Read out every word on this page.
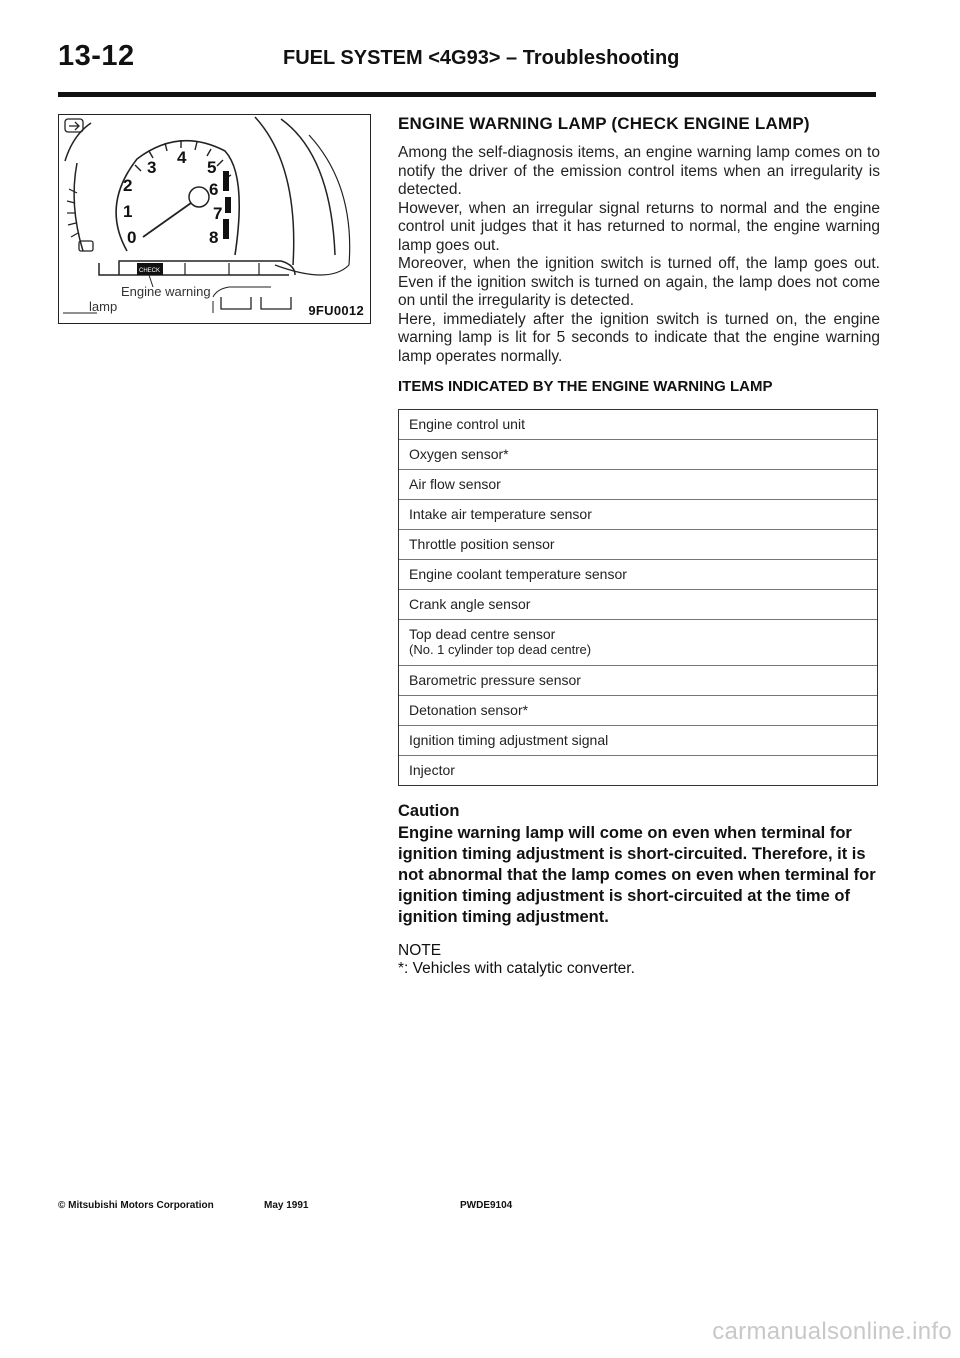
13-12	FUEL SYSTEM <4G93> – Troubleshooting
3
4
5
2	6
1	7
0	8
CHECK
Engine warning
lamp	9FU0012
ENGINE WARNING LAMP (CHECK ENGINE LAMP)

Among the self-diagnosis items, an engine warning lamp comes on to notify the driver of the emission control items when an irregularity is detected.

However, when an irregular signal returns to normal and the engine control unit judges that it has returned to normal, the engine warning lamp goes out.

Moreover, when the ignition switch is turned off, the lamp goes out. Even if the ignition switch is turned on again, the lamp does not come on until the irregularity is detected.

Here, immediately after the ignition switch is turned on, the engine warning lamp is lit for 5 seconds to indicate that the engine warning lamp operates normally.

ITEMS INDICATED BY THE ENGINE WARNING LAMP
Engine control unit
Oxygen sensor*
Air flow sensor
Intake air temperature sensor
Throttle position sensor
Engine coolant temperature sensor
Crank angle sensor
Top dead centre sensor
(No. 1 cylinder top dead centre)
Barometric pressure sensor
Detonation sensor*
Ignition timing adjustment signal
Injector
Caution

Engine warning lamp will come on even when terminal for ignition timing adjustment is short-circuited. Therefore, it is not abnormal that the lamp comes on even when terminal for ignition timing adjustment is short-circuited at the time of ignition timing adjustment.

NOTE

*: Vehicles with catalytic converter.

© Mitsubishi Motors Corporation	May 1991	PWDE9104
carmanualsonline.info
